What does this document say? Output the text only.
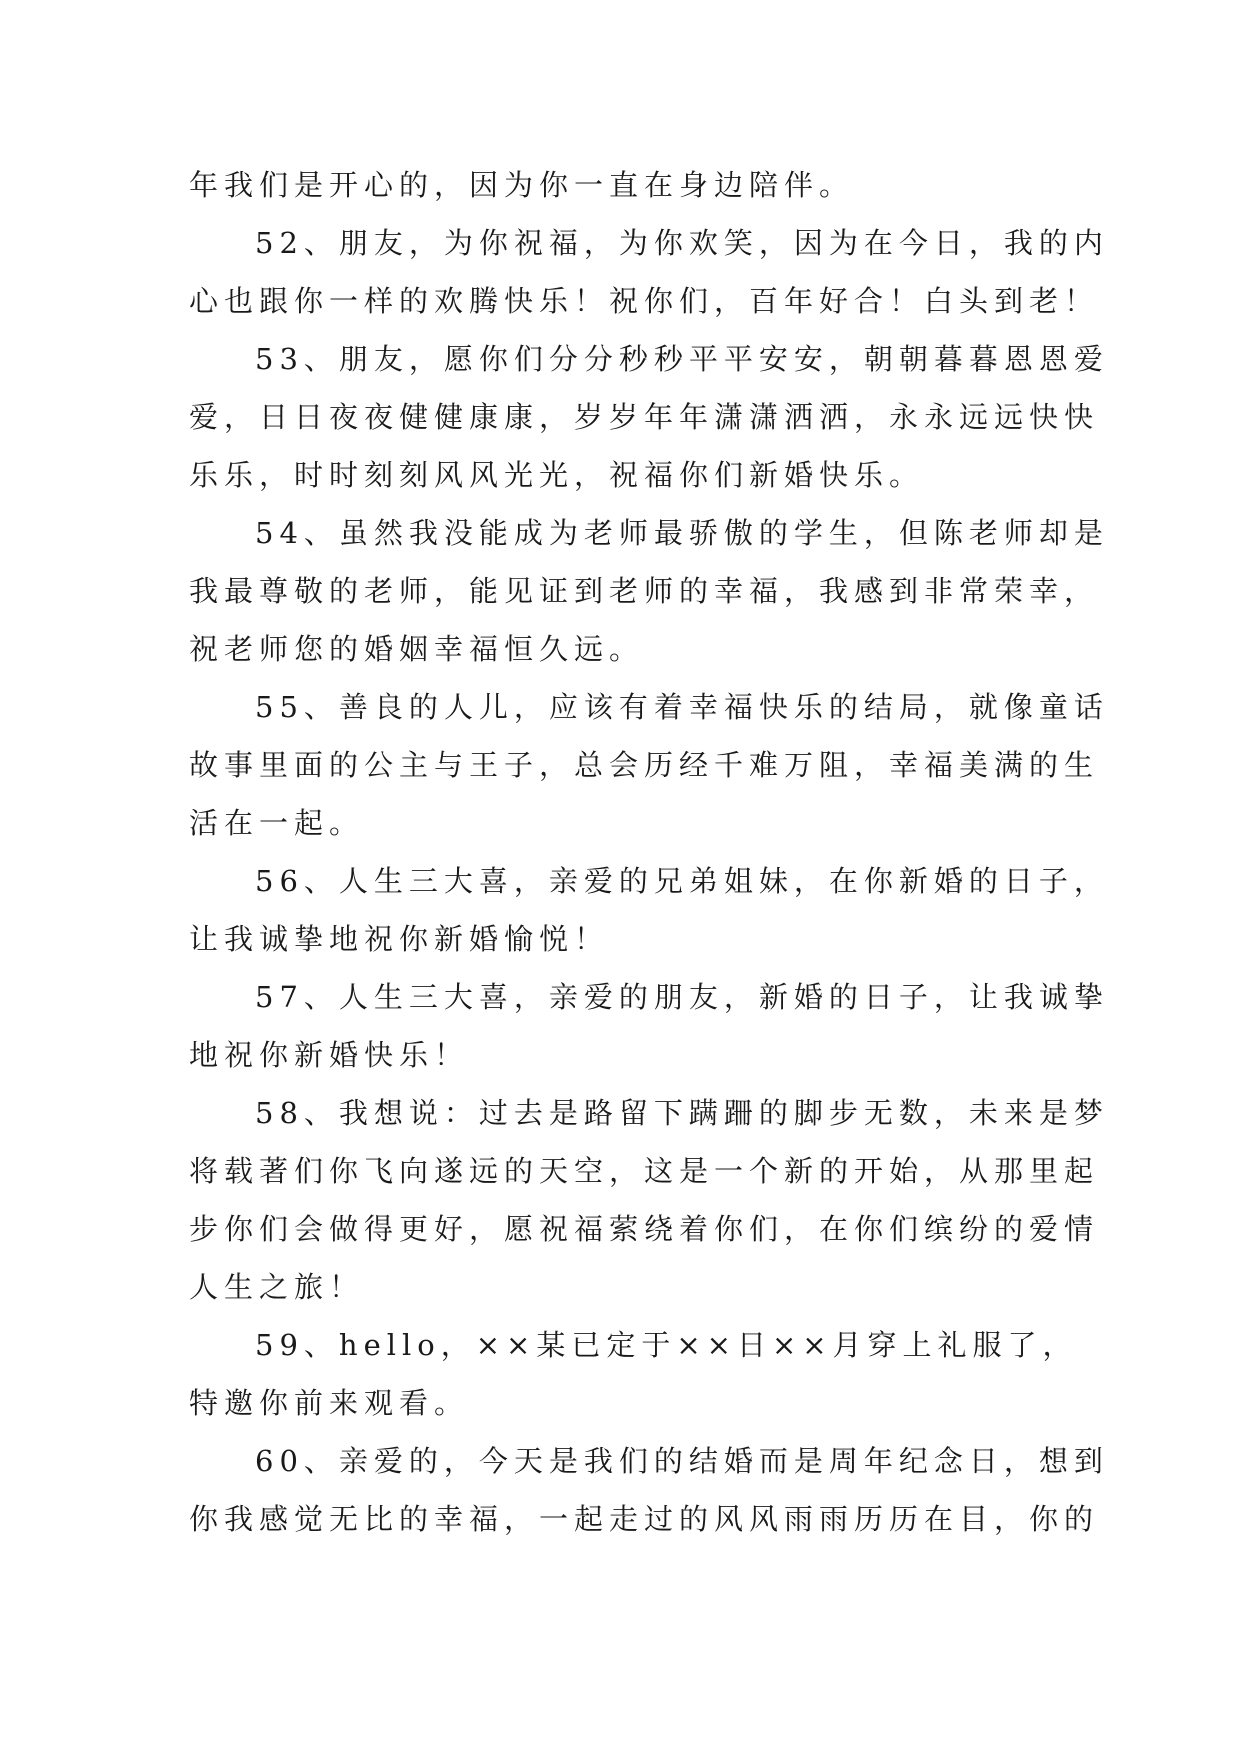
年我们是开心的，因为你一直在身边陪伴。

52、朋友，为你祝福，为你欢笑，因为在今日，我的内
心也跟你一样的欢腾快乐！祝你们，百年好合！白头到老！

53、朋友，愿你们分分秒秒平平安安，朝朝暮暮恩恩爱
爱，日日夜夜健健康康，岁岁年年潇潇洒洒，永永远远快快
乐乐，时时刻刻风风光光，祝福你们新婚快乐。

54、虽然我没能成为老师最骄傲的学生，但陈老师却是
我最尊敬的老师，能见证到老师的幸福，我感到非常荣幸，
祝老师您的婚姻幸福恒久远。

55、善良的人儿，应该有着幸福快乐的结局，就像童话
故事里面的公主与王子，总会历经千难万阻，幸福美满的生
活在一起。

56、人生三大喜，亲爱的兄弟姐妹，在你新婚的日子，
让我诚挚地祝你新婚愉悦！

57、人生三大喜，亲爱的朋友，新婚的日子，让我诚挚
地祝你新婚快乐！

58、我想说：过去是路留下蹒跚的脚步无数，未来是梦
将载著们你飞向遂远的天空，这是一个新的开始，从那里起
步你们会做得更好，愿祝福萦绕着你们，在你们缤纷的爱情
人生之旅！

59、hello，××某已定于××日××月穿上礼服了，
特邀你前来观看。

60、亲爱的，今天是我们的结婚而是周年纪念日，想到
你我感觉无比的幸福，一起走过的风风雨雨历历在目，你的
